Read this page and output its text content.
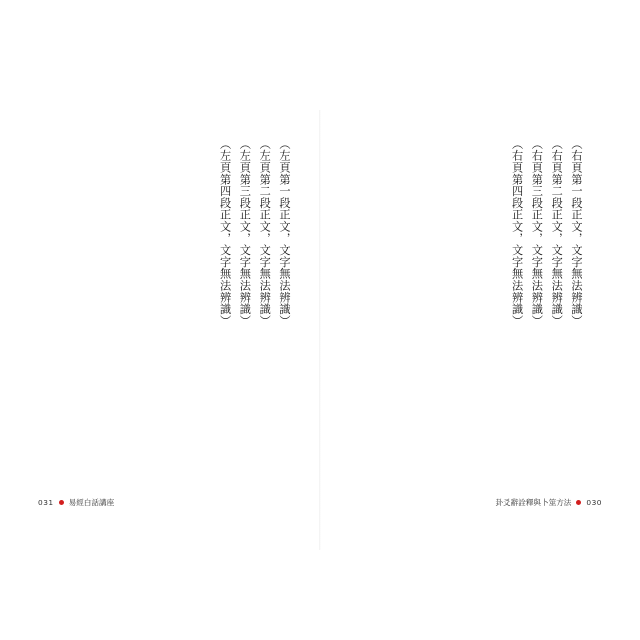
（左頁第一段正文，文字無法辨識）

（左頁第二段正文，文字無法辨識）

（左頁第三段正文，文字無法辨識）

（左頁第四段正文，文字無法辨識）

031 易經白話講座

（右頁第一段正文，文字無法辨識）

（右頁第二段正文，文字無法辨識）

（右頁第三段正文，文字無法辨識）

（右頁第四段正文，文字無法辨識）

卦爻辭詮釋與卜筮方法 030
